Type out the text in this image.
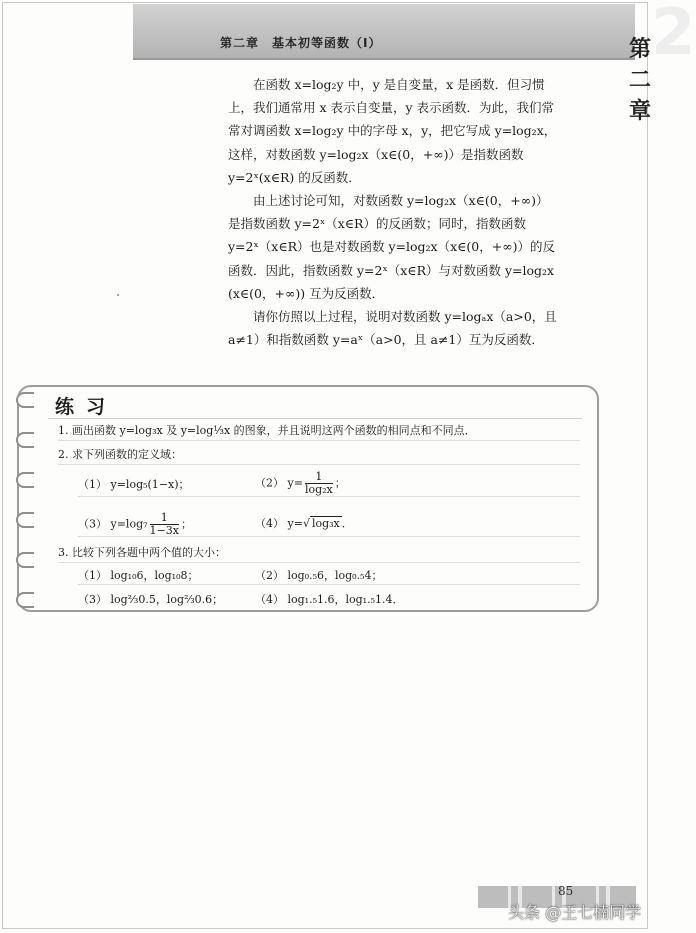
2
第二章
第二章　基本初等函数（Ⅰ）
在函数 x=log₂y 中，y 是自变量，x 是函数．但习惯
上，我们通常用 x 表示自变量，y 表示函数．为此，我们常
常对调函数 x=log₂y 中的字母 x，y，把它写成 y=log₂x，
这样，对数函数 y=log₂x（x∈(0，+∞)）是指数函数
y=2ˣ(x∈R) 的反函数．
由上述讨论可知，对数函数 y=log₂x（x∈(0，+∞)）
是指数函数 y=2ˣ（x∈R）的反函数；同时，指数函数
y=2ˣ（x∈R）也是对数函数 y=log₂x（x∈(0，+∞)）的反
函数．因此，指数函数 y=2ˣ（x∈R）与对数函数 y=log₂x
(x∈(0，+∞)) 互为反函数．
请你仿照以上过程，说明对数函数 y=logₐx（a>0，且
a≠1）和指数函数 y=aˣ（a>0，且 a≠1）互为反函数．
练习
1. 画出函数 y=log₃x 及 y=log⅓x 的图象，并且说明这两个函数的相同点和不同点．
2. 求下列函数的定义域：
（1） y=log₅(1−x)；	（2） $y= \frac{1}{\text{log₂x}}$ ；
（3） $y=\log_7 \frac{1}{1-3x}$ ；	（4） y=√ log₃x ．
3. 比较下列各题中两个值的大小：
（1） log₁₀6，log₁₀8；	（2） log₀.₅6，log₀.₅4；
（3） log⅔0.5，log⅔0.6；	（4） log₁.₅1.6，log₁.₅1.4．
85
头条 @王七楠同学
